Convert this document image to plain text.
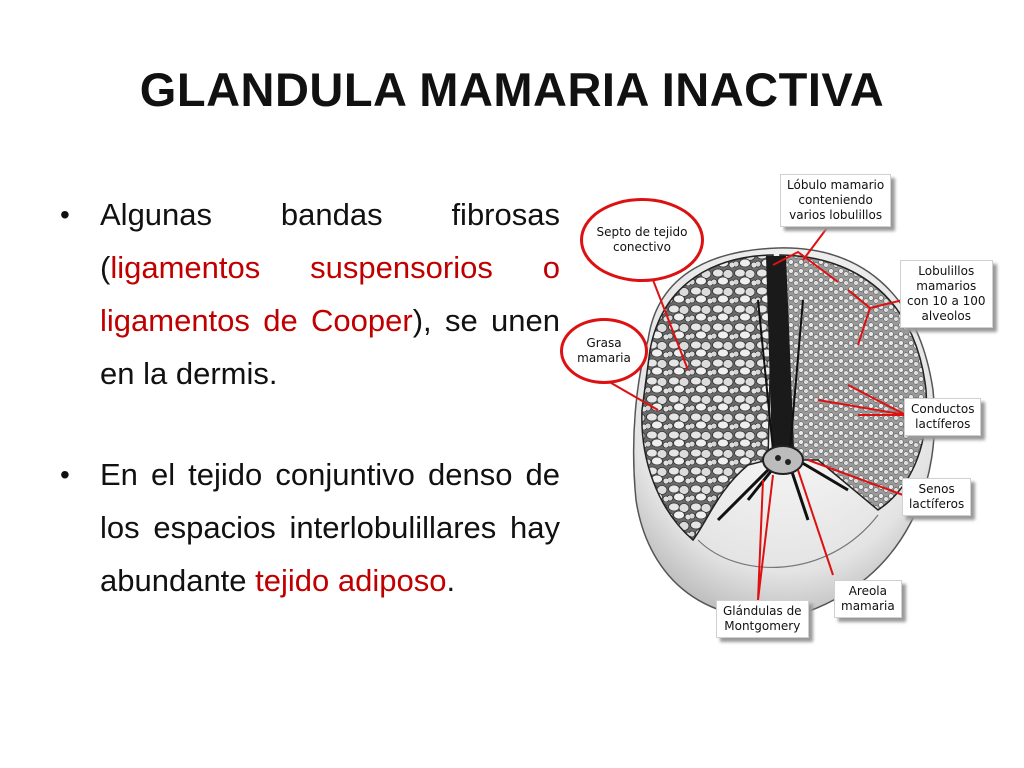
GLANDULA MAMARIA INACTIVA
• Algunas bandas fibrosas (ligamentos suspensorios o ligamentos de Cooper), se unen en la dermis.
• En el tejido conjuntivo denso de los espacios interlobulillares hay abundante tejido adiposo.
Septo de tejido
conectivo
Grasa
mamaria
Lóbulo mamario
conteniendo
varios lobulillos
Lobulillos
mamarios
con 10 a 100
alveolos
Conductos
lactíferos
Senos
lactíferos
Areola
mamaria
Glándulas de
Montgomery
